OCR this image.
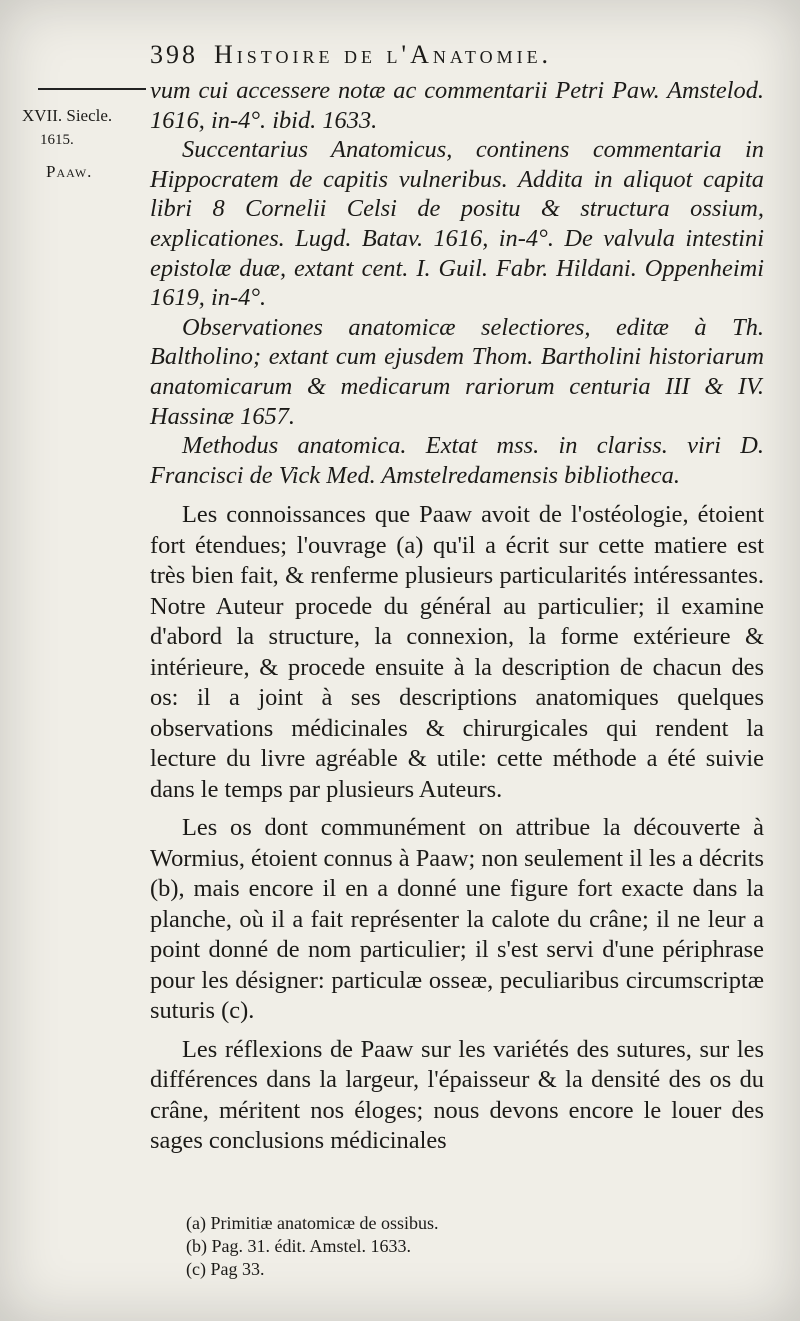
398 Histoire de l'Anatomie.
XVII. Siecle.
1615.
Paaw.

vum cui accessere notæ ac commentarii Petri Paw. Amstelod. 1616, in-4°. ibid. 1633.

Succentarius Anatomicus, continens commentaria in Hippocratem de capitis vulneribus. Addita in aliquot capita libri 8 Cornelii Celsi de positu & structura ossium, explicationes. Lugd. Batav. 1616, in-4°. De valvula intestini epistolæ duæ, extant cent. I. Guil. Fabr. Hildani. Oppenheimi 1619, in-4°.

Observationes anatomicæ selectiores, editæ à Th. Baltholino; extant cum ejusdem Thom. Bartholini historiarum anatomicarum & medicarum rariorum centuria III & IV. Hassinæ 1657.

Methodus anatomica. Extat mss. in clariss. viri D. Francisci de Vick Med. Amstelredamensis bibliotheca.

Les connoissances que Paaw avoit de l'ostéologie, étoient fort étendues; l'ouvrage (a) qu'il a écrit sur cette matiere est très bien fait, & renferme plusieurs particularités intéressantes. Notre Auteur procede du général au particulier; il examine d'abord la structure, la connexion, la forme extérieure & intérieure, & procede ensuite à la description de chacun des os: il a joint à ses descriptions anatomiques quelques observations médicinales & chirurgicales qui rendent la lecture du livre agréable & utile: cette méthode a été suivie dans le temps par plusieurs Auteurs.

Les os dont communément on attribue la découverte à Wormius, étoient connus à Paaw; non seulement il les a décrits (b), mais encore il en a donné une figure fort exacte dans la planche, où il a fait représenter la calote du crâne; il ne leur a point donné de nom particulier; il s'est servi d'une périphrase pour les désigner: particulæ osseæ, peculiaribus circumscriptæ suturis (c).

Les réflexions de Paaw sur les variétés des sutures, sur les différences dans la largeur, l'épaisseur & la densité des os du crâne, méritent nos éloges; nous devons encore le louer des sages conclusions médicinales

(a) Primitiæ anatomicæ de ossibus.
(b) Pag. 31. édit. Amstel. 1633.
(c) Pag 33.
